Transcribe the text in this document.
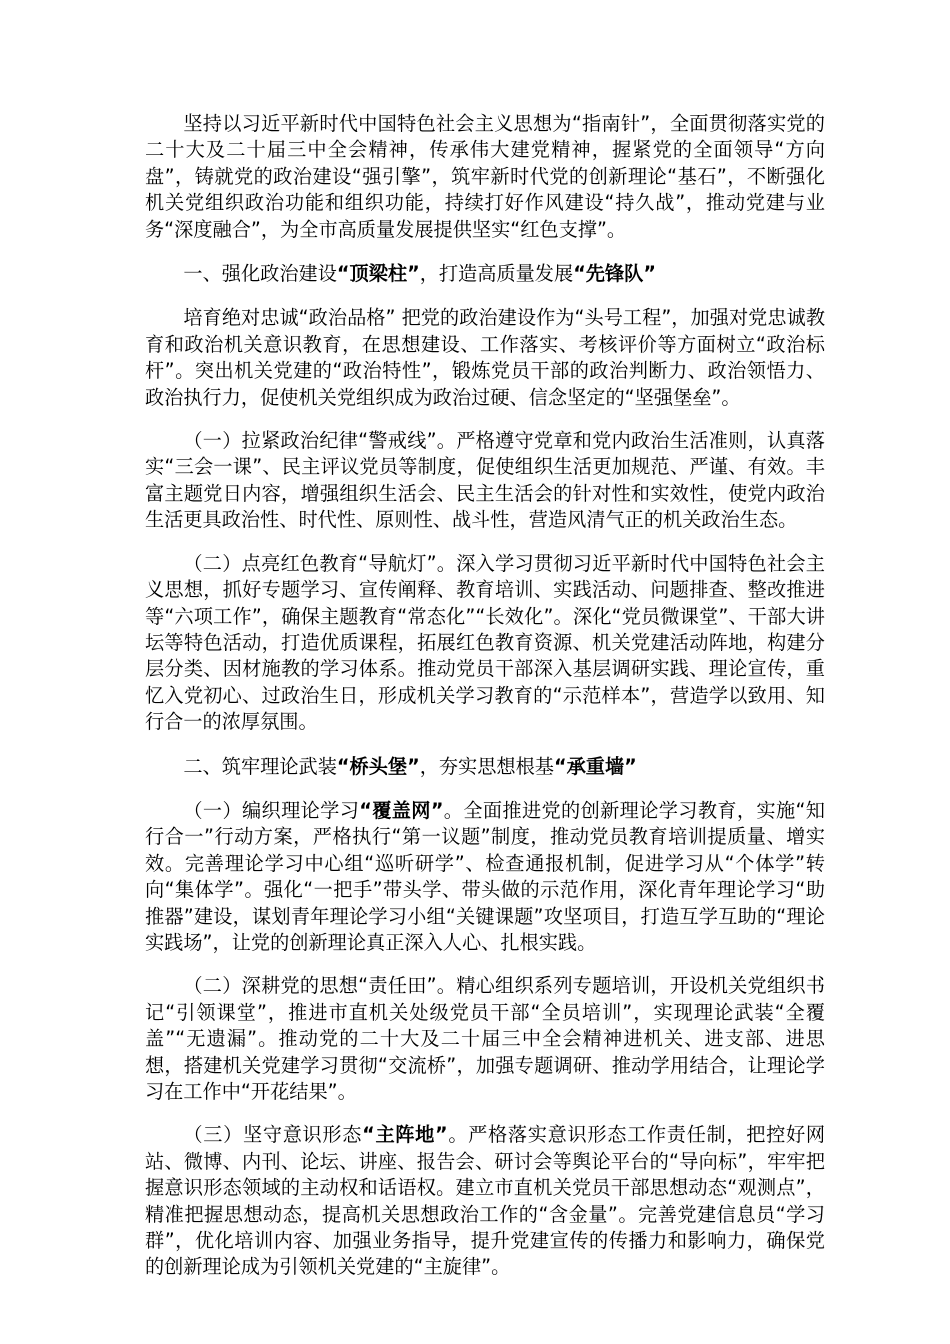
坚持以习近平新时代中国特色社会主义思想为“指南针”，全面贯彻落实党的二十大及二十届三中全会精神，传承伟大建党精神，握紧党的全面领导“方向盘”，铸就党的政治建设“强引擎”，筑牢新时代党的创新理论“基石”，不断强化机关党组织政治功能和组织功能，持续打好作风建设“持久战”，推动党建与业务“深度融合”，为全市高质量发展提供坚实“红色支撑”。

一、强化政治建设“顶梁柱”，打造高质量发展“先锋队”

培育绝对忠诚“政治品格” 把党的政治建设作为“头号工程”，加强对党忠诚教育和政治机关意识教育，在思想建设、工作落实、考核评价等方面树立“政治标杆”。突出机关党建的“政治特性”，锻炼党员干部的政治判断力、政治领悟力、政治执行力，促使机关党组织成为政治过硬、信念坚定的“坚强堡垒”。

（一）拉紧政治纪律“警戒线”。严格遵守党章和党内政治生活准则，认真落实“三会一课”、民主评议党员等制度，促使组织生活更加规范、严谨、有效。丰富主题党日内容，增强组织生活会、民主生活会的针对性和实效性，使党内政治生活更具政治性、时代性、原则性、战斗性，营造风清气正的机关政治生态。

（二）点亮红色教育“导航灯”。深入学习贯彻习近平新时代中国特色社会主义思想，抓好专题学习、宣传阐释、教育培训、实践活动、问题排查、整改推进等“六项工作”，确保主题教育“常态化”“长效化”。深化“党员微课堂”、干部大讲坛等特色活动，打造优质课程，拓展红色教育资源、机关党建活动阵地，构建分层分类、因材施教的学习体系。推动党员干部深入基层调研实践、理论宣传，重忆入党初心、过政治生日，形成机关学习教育的“示范样本”，营造学以致用、知行合一的浓厚氛围。

二、筑牢理论武装“桥头堡”，夯实思想根基“承重墙”

（一）编织理论学习“覆盖网”。全面推进党的创新理论学习教育，实施“知行合一”行动方案，严格执行“第一议题”制度，推动党员教育培训提质量、增实效。完善理论学习中心组“巡听研学”、检查通报机制，促进学习从“个体学”转向“集体学”。强化“一把手”带头学、带头做的示范作用，深化青年理论学习“助推器”建设，谋划青年理论学习小组“关键课题”攻坚项目，打造互学互助的“理论实践场”，让党的创新理论真正深入人心、扎根实践。

（二）深耕党的思想“责任田”。精心组织系列专题培训，开设机关党组织书记“引领课堂”，推进市直机关处级党员干部“全员培训”，实现理论武装“全覆盖”“无遗漏”。推动党的二十大及二十届三中全会精神进机关、进支部、进思想，搭建机关党建学习贯彻“交流桥”，加强专题调研、推动学用结合，让理论学习在工作中“开花结果”。

（三）坚守意识形态“主阵地”。严格落实意识形态工作责任制，把控好网站、微博、内刊、论坛、讲座、报告会、研讨会等舆论平台的“导向标”，牢牢把握意识形态领域的主动权和话语权。建立市直机关党员干部思想动态“观测点”，精准把握思想动态，提高机关思想政治工作的“含金量”。完善党建信息员“学习群”，优化培训内容、加强业务指导，提升党建宣传的传播力和影响力，确保党的创新理论成为引领机关党建的“主旋律”。
